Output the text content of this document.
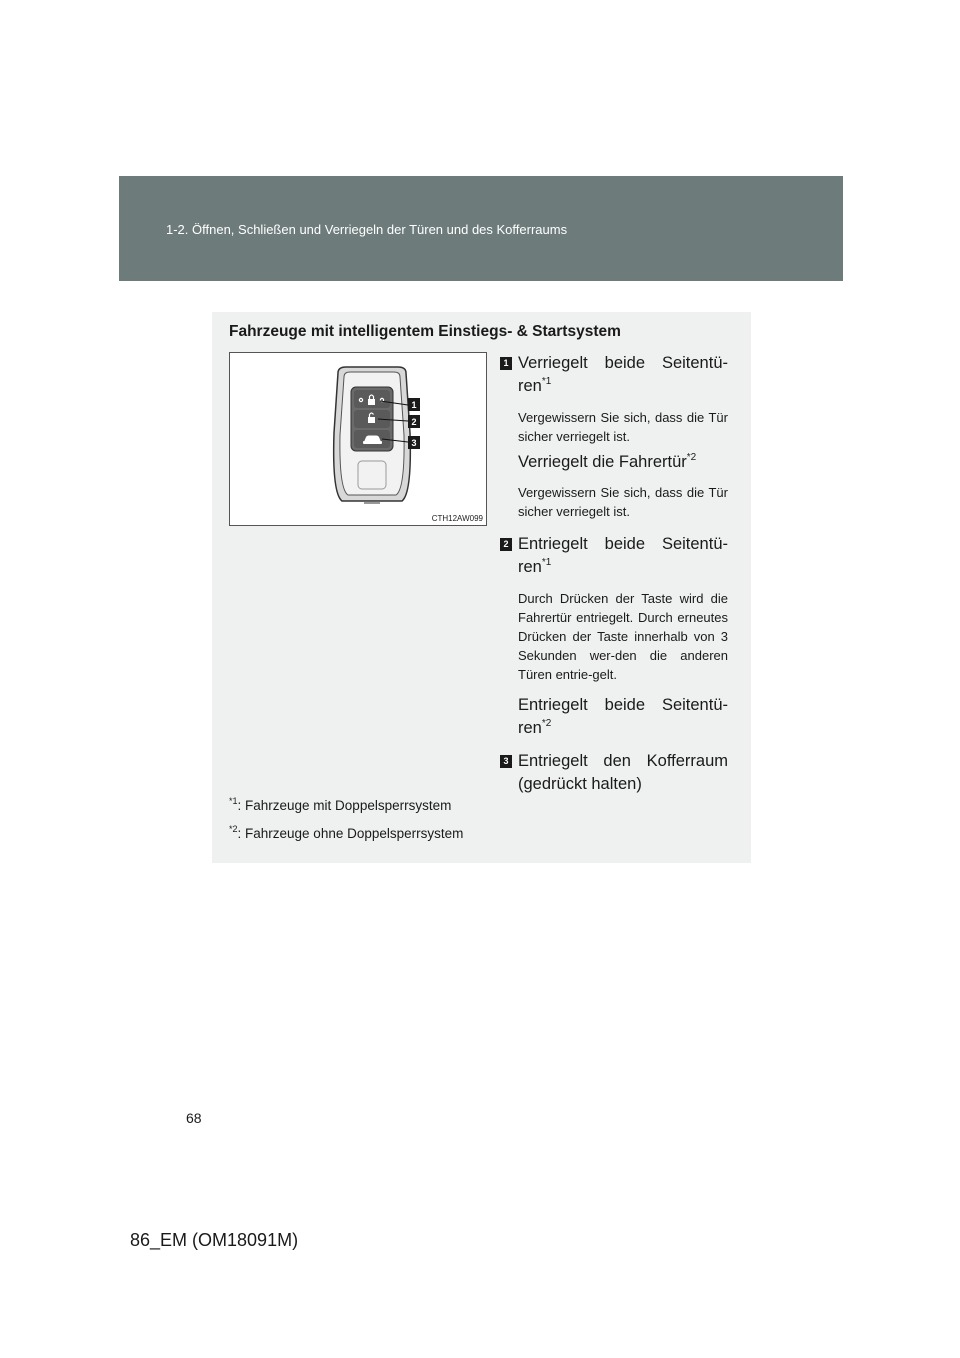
1-2. Öffnen, Schließen und Verriegeln der Türen und des Kofferraums
Fahrzeuge mit intelligentem Einstiegs- & Startsystem
1
2
3
CTH12AW099
1 Verriegelt beide Seitentü-ren$^{*1}$

Vergewissern Sie sich, dass die Tür sicher verriegelt ist.

Verriegelt die Fahrertür$^{*2}$

Vergewissern Sie sich, dass die Tür sicher verriegelt ist.

2 Entriegelt beide Seitentü-ren$^{*1}$

Durch Drücken der Taste wird die Fahrertür entriegelt. Durch erneutes Drücken der Taste innerhalb von 3 Sekunden wer-den die anderen Türen entrie-gelt.

Entriegelt beide Seitentü-ren$^{*2}$

3 Entriegelt den Kofferraum (gedrückt halten)

$^{*1}$: Fahrzeuge mit Doppelsperrsystem
$^{*2}$: Fahrzeuge ohne Doppelsperrsystem
68
86_EM (OM18091M)
